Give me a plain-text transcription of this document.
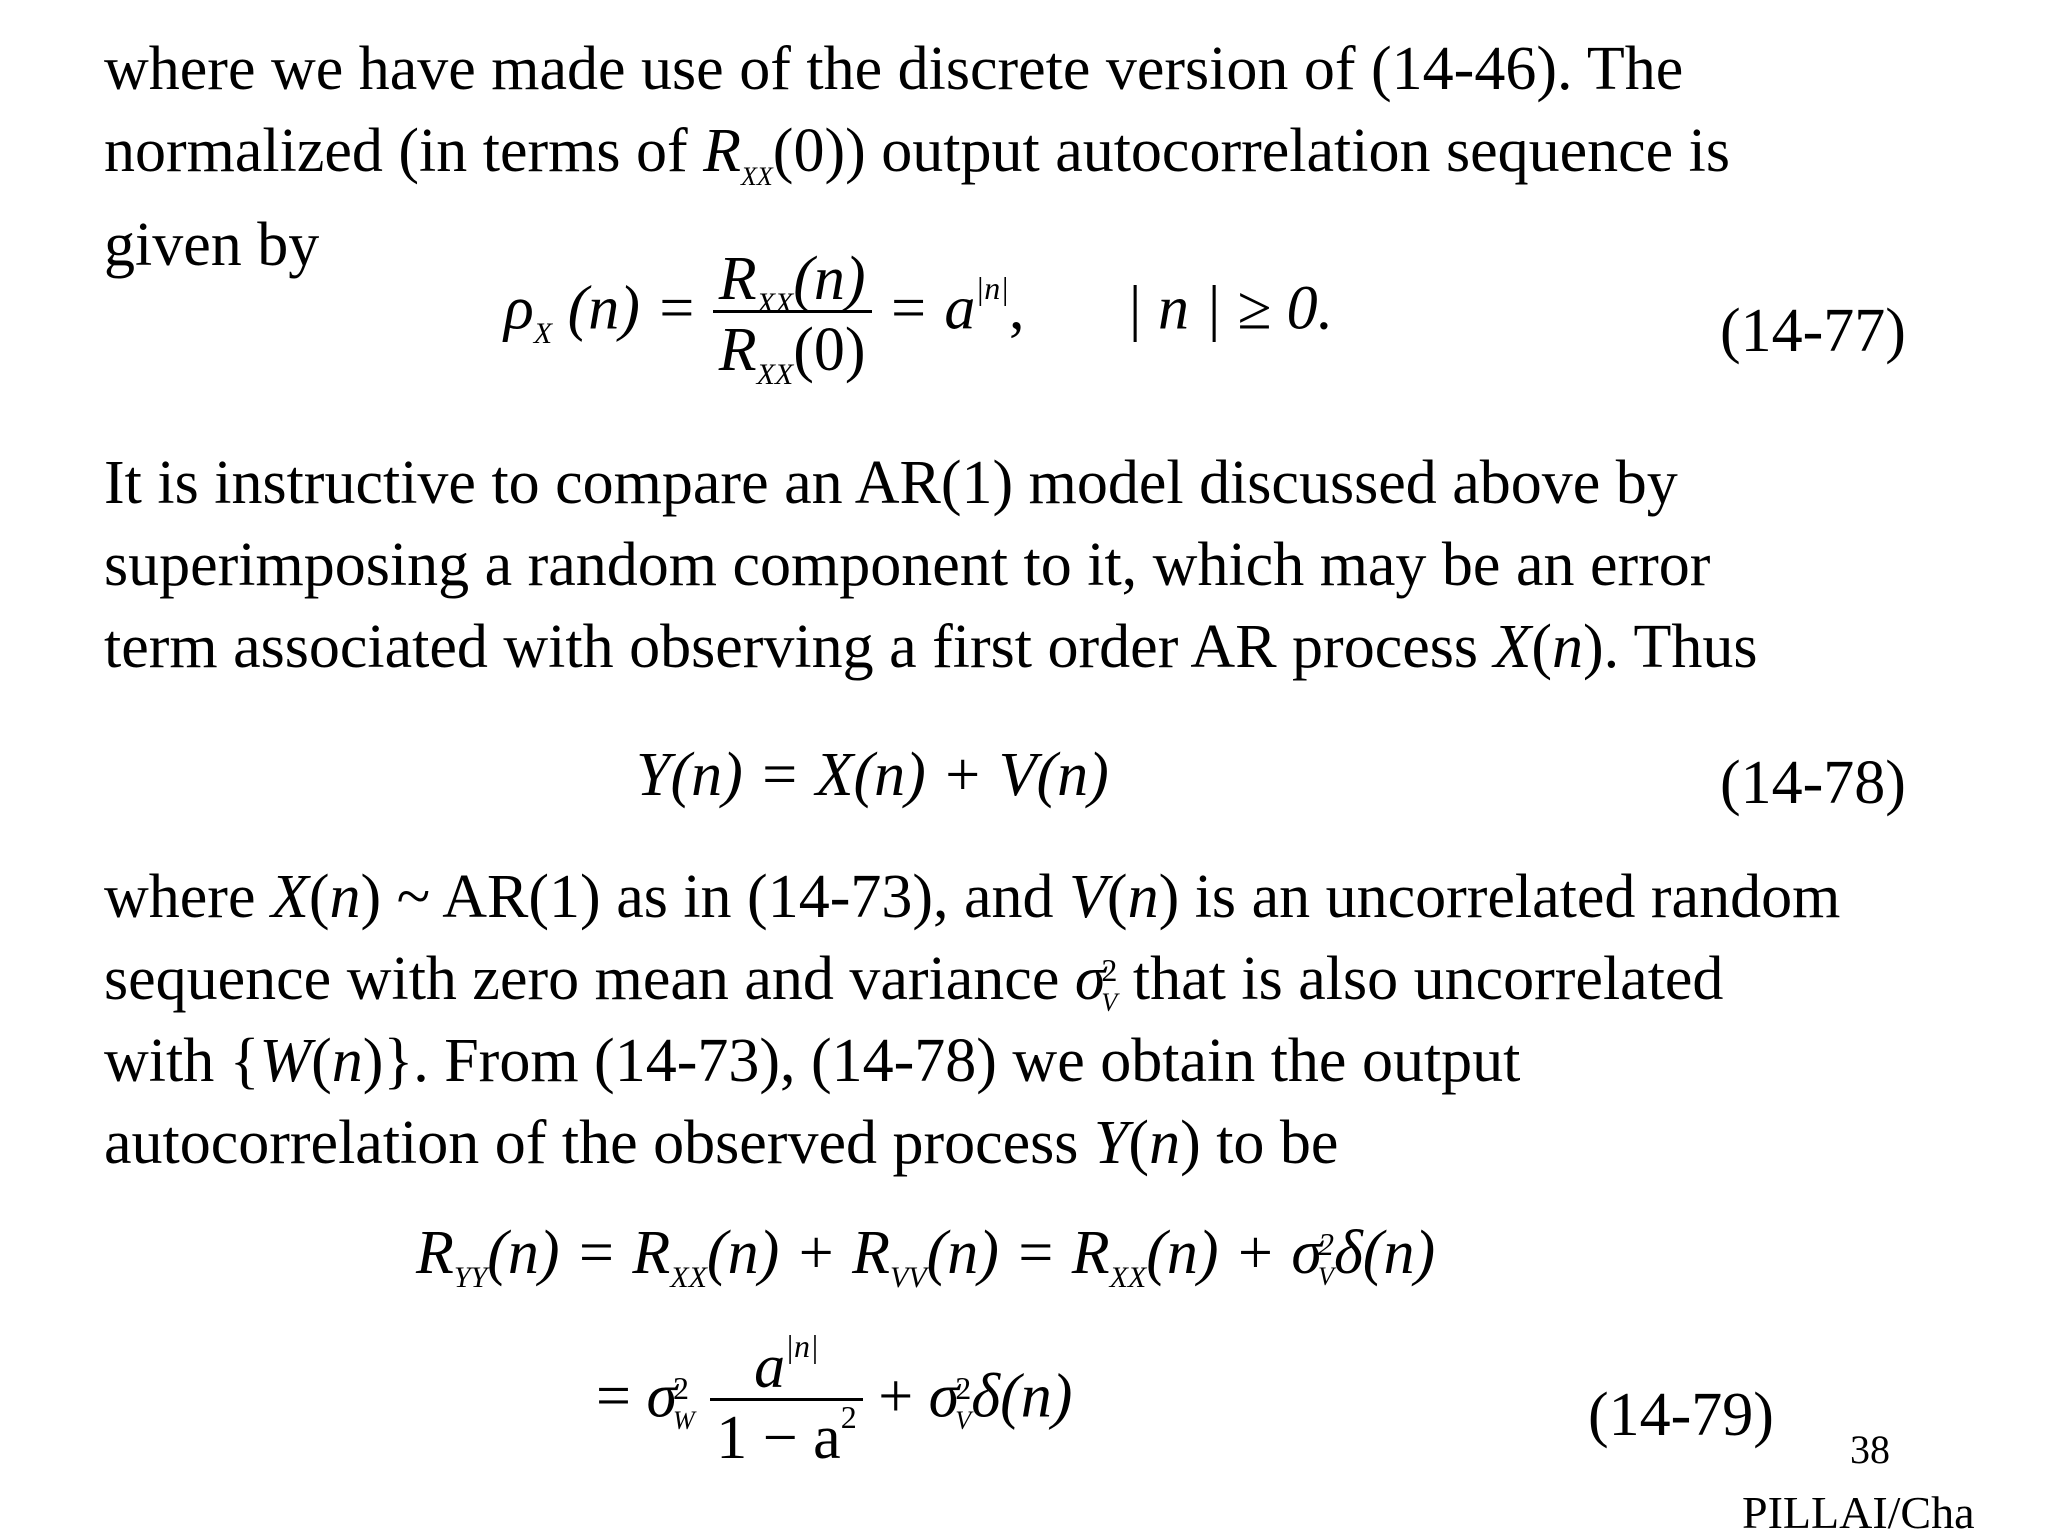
where we have made use of the discrete version of (14-46). The
normalized (in terms of $R_{XX}(0)$) output autocorrelation sequence is
given by
$\rho_X$ $(n) = \frac{R_{XX}(n)}{R_{XX}(0)} = a^{|n|}$, | n | ≥ 0.	(14-77)
It is instructive to compare an AR(1) model discussed above by
superimposing a random component to it, which may be an error
term associated with observing a first order AR process X(n). Thus
Y(n) = X(n) + V(n)	(14-78)
where X(n) ~ AR(1) as in (14-73), and V(n) is an uncorrelated random
sequence with zero mean and variance σ
2
V that is also uncorrelated
with {W(n)}. From (14-73), (14-78) we obtain the output
autocorrelation of the observed process Y(n) to be
$R_{YY}(n) = R_{XX}(n) + R_{VV}(n) = R_{XX}(n) + \sigma$
2
V δ(n)
= σ
2
W
$\frac{a^{|n|}}{1 - a^2} + \sigma$
2
V δ(n)	(14-79)
38
PILLAI/Cha
